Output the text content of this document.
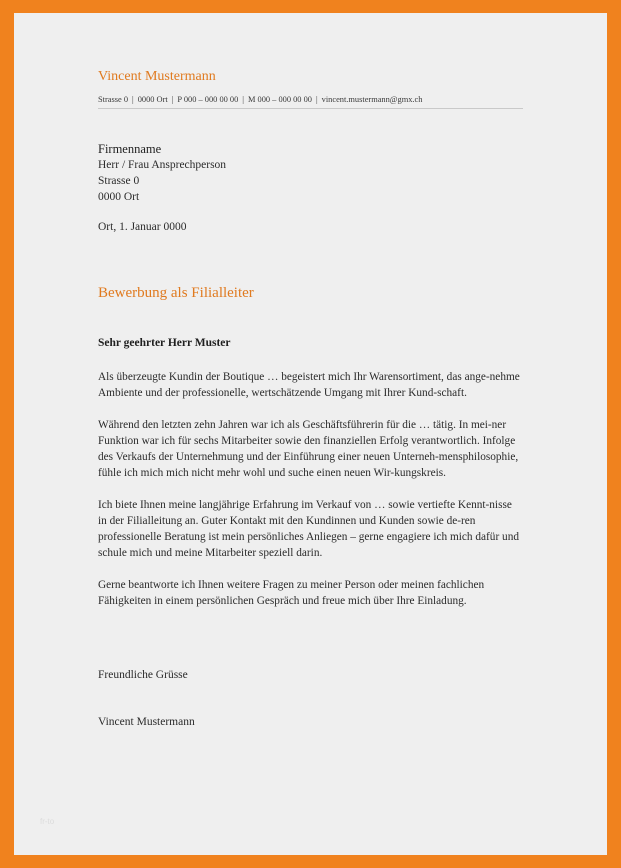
Vincent Mustermann
Strasse 0 | 0000 Ort | P 000 – 000 00 00 | M 000 – 000 00 00 | vincent.mustermann@gmx.ch
Firmenname
Herr / Frau Ansprechperson
Strasse 0
0000 Ort
Ort, 1. Januar 0000
Bewerbung als Filialleiter
Sehr geehrter Herr Muster

Als überzeugte Kundin der Boutique … begeistert mich Ihr Warensortiment, das ange-nehme Ambiente und der professionelle, wertschätzende Umgang mit Ihrer Kund-schaft.

Während den letzten zehn Jahren war ich als Geschäftsführerin für die … tätig. In mei-ner Funktion war ich für sechs Mitarbeiter sowie den finanziellen Erfolg verantwortlich. Infolge des Verkaufs der Unternehmung und der Einführung einer neuen Unterneh-mensphilosophie, fühle ich mich mich nicht mehr wohl und suche einen neuen Wir-kungskreis.

Ich biete Ihnen meine langjährige Erfahrung im Verkauf von … sowie vertiefte Kennt-nisse in der Filialleitung an. Guter Kontakt mit den Kundinnen und Kunden sowie de-ren professionelle Beratung ist mein persönliches Anliegen – gerne engagiere ich mich dafür und schule mich und meine Mitarbeiter speziell darin.

Gerne beantworte ich Ihnen weitere Fragen zu meiner Person oder meinen fachlichen Fähigkeiten in einem persönlichen Gespräch und freue mich über Ihre Einladung.

Freundliche Grüsse
Vincent Mustermann
fr-to
